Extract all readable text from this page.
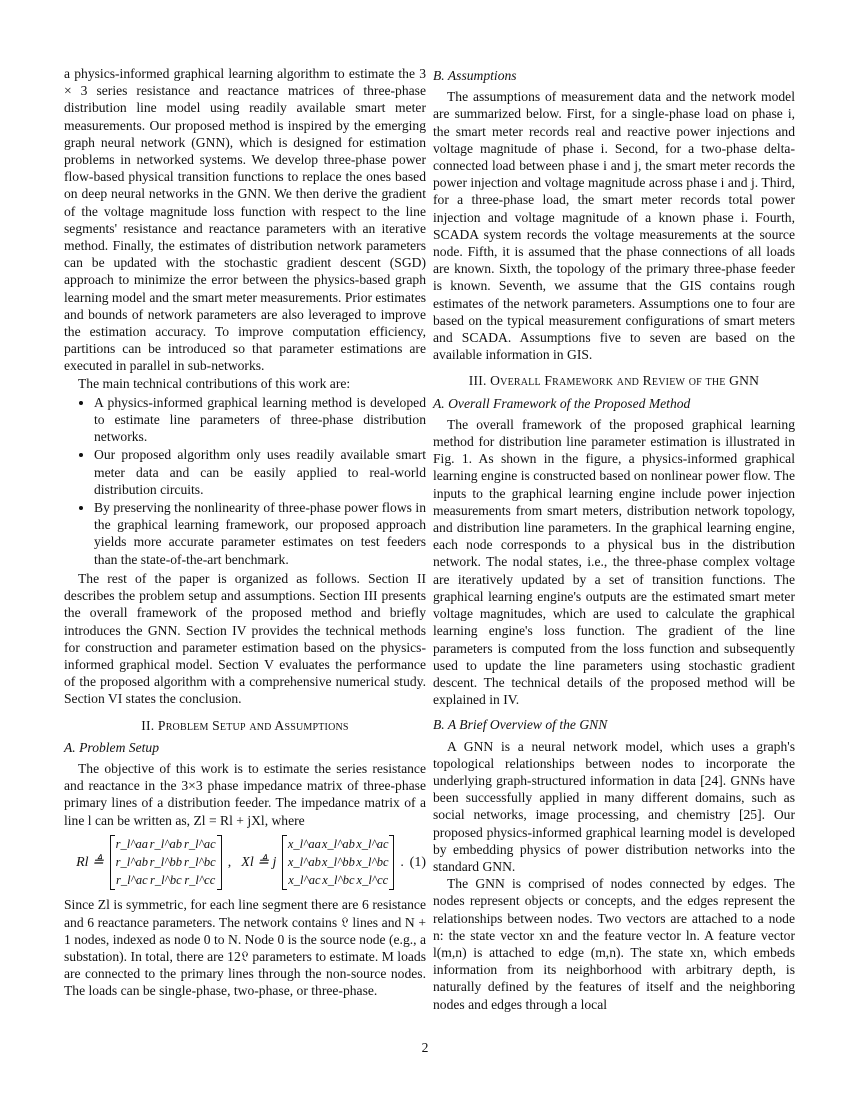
a physics-informed graphical learning algorithm to estimate the 3 × 3 series resistance and reactance matrices of three-phase distribution line model using readily available smart meter measurements. Our proposed method is inspired by the emerging graph neural network (GNN), which is designed for estimation problems in networked systems. We develop three-phase power flow-based physical transition functions to replace the ones based on deep neural networks in the GNN. We then derive the gradient of the voltage magnitude loss function with respect to the line segments' resistance and reactance parameters with an iterative method. Finally, the estimates of distribution network parameters can be updated with the stochastic gradient descent (SGD) approach to minimize the error between the physics-based graph learning model and the smart meter measurements. Prior estimates and bounds of network parameters are also leveraged to improve the estimation accuracy. To improve computation efficiency, partitions can be introduced so that parameter estimations are executed in parallel in sub-networks.

The main technical contributions of this work are:

• A physics-informed graphical learning method is developed to estimate line parameters of three-phase distribution networks.
• Our proposed algorithm only uses readily available smart meter data and can be easily applied to real-world distribution circuits.
• By preserving the nonlinearity of three-phase power flows in the graphical learning framework, our proposed approach yields more accurate parameter estimates on test feeders than the state-of-the-art benchmark.

The rest of the paper is organized as follows. Section II describes the problem setup and assumptions. Section III presents the overall framework of the proposed method and briefly introduces the GNN. Section IV provides the technical methods for construction and parameter estimation based on the physics-informed graphical model. Section V evaluates the performance of the proposed algorithm with a comprehensive numerical study. Section VI states the conclusion.

II. Problem Setup and Assumptions
A. Problem Setup

The objective of this work is to estimate the series resistance and reactance in the 3×3 phase impedance matrix of three-phase primary lines of a distribution feeder. The impedance matrix of a line l can be written as, Zl = Rl + jXl, where

Rl ≜
r_l^aa r_l^ab r_l^ac
r_l^ab r_l^bb r_l^bc
r_l^ac r_l^bc r_l^cc
, Xl ≜ j
x_l^aa x_l^ab x_l^ac
x_l^ab x_l^bb x_l^bc
x_l^ac x_l^bc x_l^cc
. (1)

Since Zl is symmetric, for each line segment there are 6 resistance and 6 reactance parameters. The network contains 𝔏 lines and N + 1 nodes, indexed as node 0 to N. Node 0 is the source node (e.g., a substation). In total, there are 12𝔏 parameters to estimate. M loads are connected to the primary lines through the non-source nodes. The loads can be single-phase, two-phase, or three-phase.

B. Assumptions

The assumptions of measurement data and the network model are summarized below. First, for a single-phase load on phase i, the smart meter records real and reactive power injections and voltage magnitude of phase i. Second, for a two-phase delta-connected load between phase i and j, the smart meter records the power injection and voltage magnitude across phase i and j. Third, for a three-phase load, the smart meter records total power injection and voltage magnitude of a known phase i. Fourth, SCADA system records the voltage measurements at the source node. Fifth, it is assumed that the phase connections of all loads are known. Sixth, the topology of the primary three-phase feeder is known. Seventh, we assume that the GIS contains rough estimates of the network parameters. Assumptions one to four are based on the typical measurement configurations of smart meters and SCADA. Assumptions five to seven are based on the available information in GIS.

III. Overall Framework and Review of the GNN
A. Overall Framework of the Proposed Method

The overall framework of the proposed graphical learning method for distribution line parameter estimation is illustrated in Fig. 1. As shown in the figure, a physics-informed graphical learning engine is constructed based on nonlinear power flow. The inputs to the graphical learning engine include power injection measurements from smart meters, distribution network topology, and distribution line parameters. In the graphical learning engine, each node corresponds to a physical bus in the distribution network. The nodal states, i.e., the three-phase complex voltage are iteratively updated by a set of transition functions. The graphical learning engine's outputs are the estimated smart meter voltage magnitudes, which are used to calculate the graphical learning engine's loss function. The gradient of the line parameters is computed from the loss function and subsequently used to update the line parameters using stochastic gradient descent. The technical details of the proposed method will be explained in IV.

B. A Brief Overview of the GNN

A GNN is a neural network model, which uses a graph's topological relationships between nodes to incorporate the underlying graph-structured information in data [24]. GNNs have been successfully applied in many different domains, such as social networks, image processing, and chemistry [25]. Our proposed physics-informed graphical learning model is developed by embedding physics of power distribution networks into the standard GNN.

The GNN is comprised of nodes connected by edges. The nodes represent objects or concepts, and the edges represent the relationships between nodes. Two vectors are attached to a node n: the state vector xn and the feature vector ln. A feature vector l(m,n) is attached to edge (m,n). The state xn, which embeds information from its neighborhood with arbitrary depth, is naturally defined by the features of itself and the neighboring nodes and edges through a local

2
